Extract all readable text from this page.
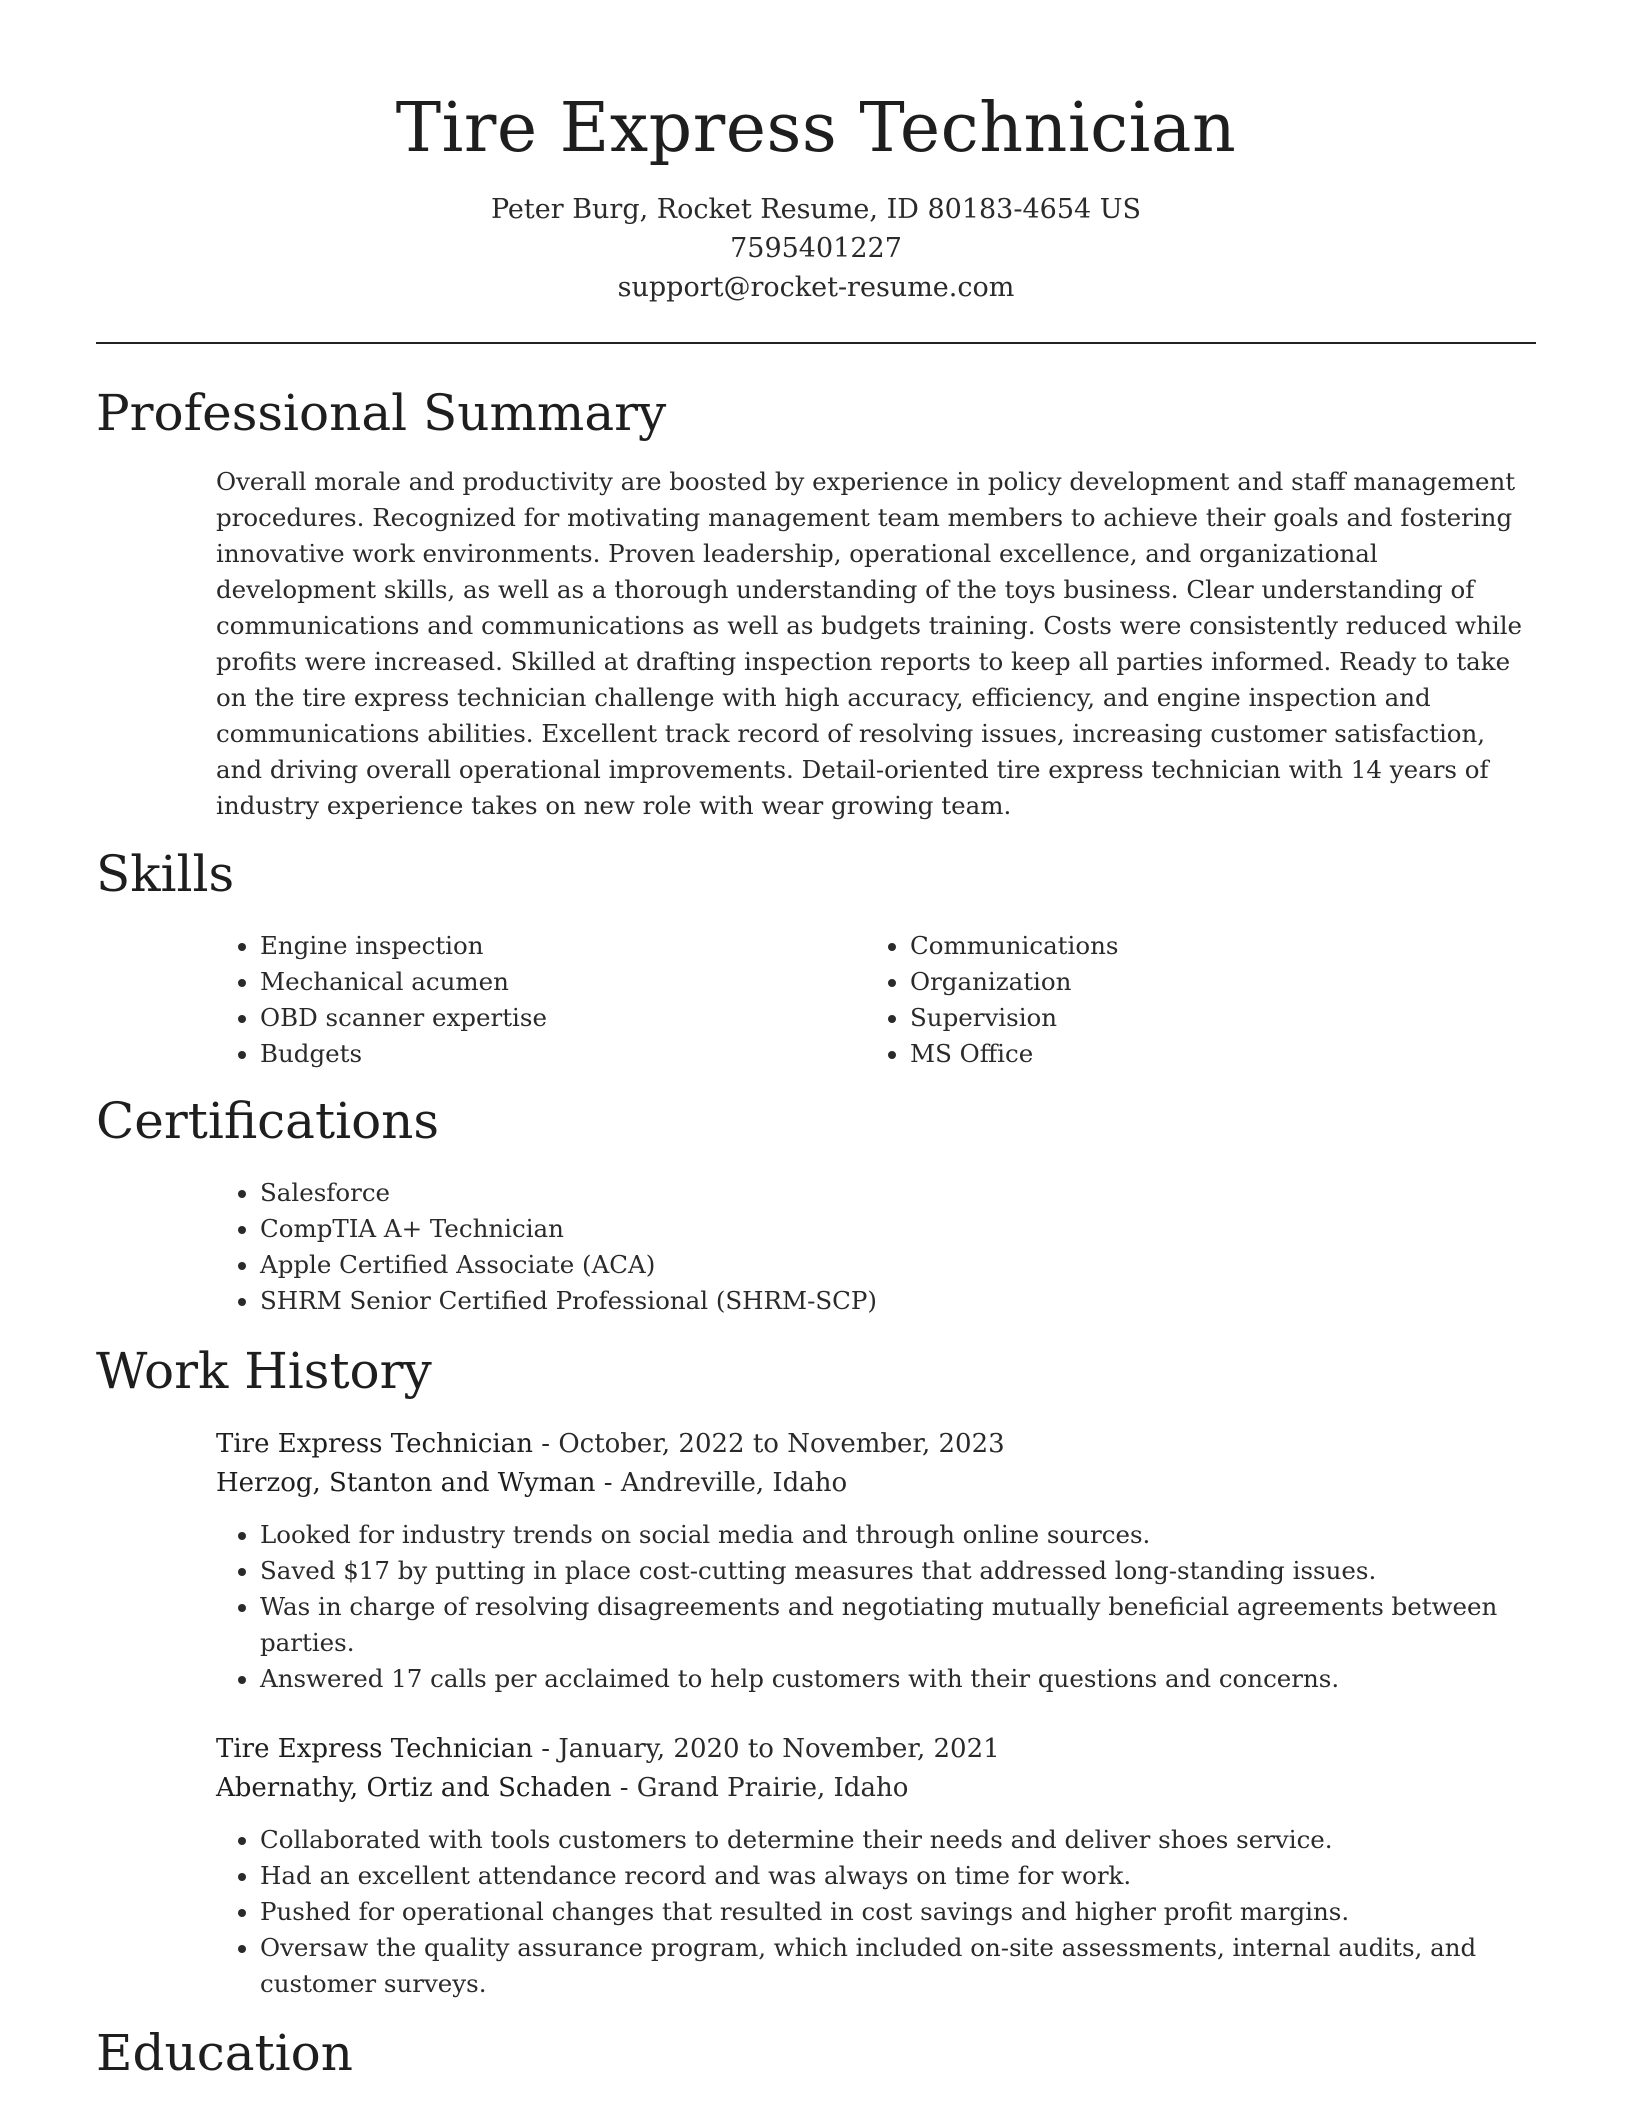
Tire Express Technician
Peter Burg, Rocket Resume, ID 80183-4654 US
7595401227
support@rocket-resume.com
Professional Summary
Overall morale and productivity are boosted by experience in policy development and staff management procedures. Recognized for motivating management team members to achieve their goals and fostering innovative work environments. Proven leadership, operational excellence, and organizational development skills, as well as a thorough understanding of the toys business. Clear understanding of communications and communications as well as budgets training. Costs were consistently reduced while profits were increased. Skilled at drafting inspection reports to keep all parties informed. Ready to take on the tire express technician challenge with high accuracy, efficiency, and engine inspection and communications abilities. Excellent track record of resolving issues, increasing customer satisfaction, and driving overall operational improvements. Detail-oriented tire express technician with 14 years of industry experience takes on new role with wear growing team.
Skills
• Engine inspection
• Mechanical acumen
• OBD scanner expertise
• Budgets
• Communications
• Organization
• Supervision
• MS Office
Certifications
• Salesforce
• CompTIA A+ Technician
• Apple Certified Associate (ACA)
• SHRM Senior Certified Professional (SHRM-SCP)
Work History
Tire Express Technician - October, 2022 to November, 2023
Herzog, Stanton and Wyman - Andreville, Idaho
• Looked for industry trends on social media and through online sources.
• Saved $17 by putting in place cost-cutting measures that addressed long-standing issues.
• Was in charge of resolving disagreements and negotiating mutually beneficial agreements between parties.
• Answered 17 calls per acclaimed to help customers with their questions and concerns.
Tire Express Technician - January, 2020 to November, 2021
Abernathy, Ortiz and Schaden - Grand Prairie, Idaho
• Collaborated with tools customers to determine their needs and deliver shoes service.
• Had an excellent attendance record and was always on time for work.
• Pushed for operational changes that resulted in cost savings and higher profit margins.
• Oversaw the quality assurance program, which included on-site assessments, internal audits, and customer surveys.
Education
